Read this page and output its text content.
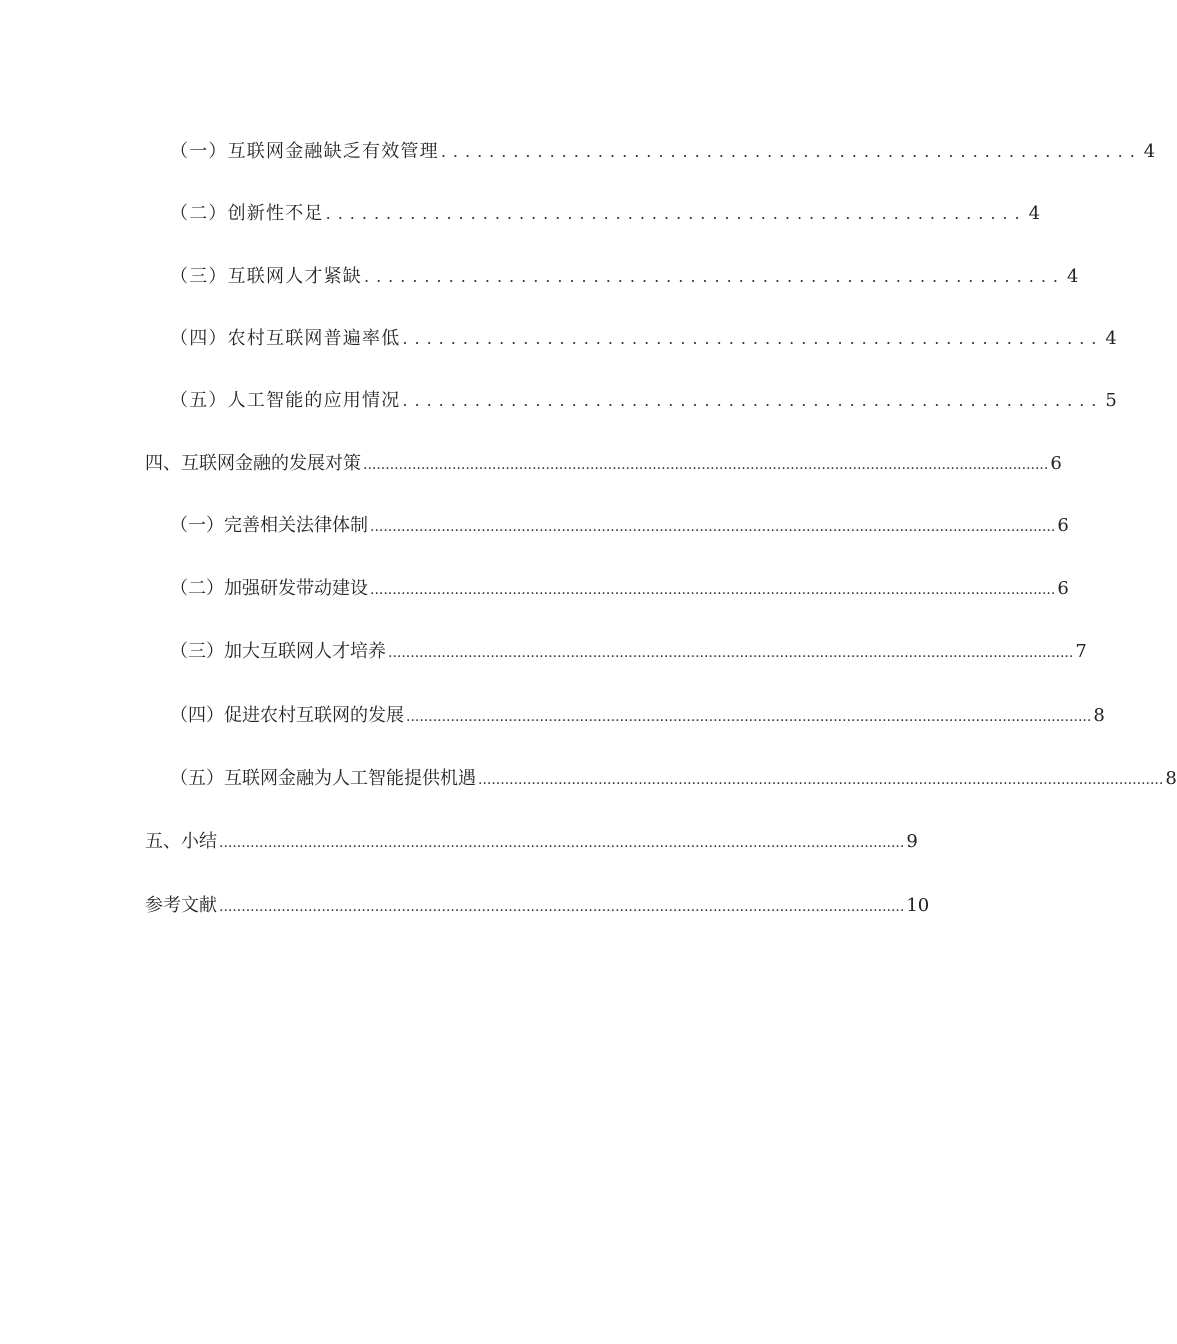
（一）互联网金融缺乏有效管理 .......................................................... 4
（二）创新性不足 .......................................................... 4
（三）互联网人才紧缺 .......................................................... 4
（四）农村互联网普遍率低 .......................................................... 4
（五）人工智能的应用情况 .......................................................... 5
四、互联网金融的发展对策 .......................................................................................................................................................... 6
（一）完善相关法律体制 .......................................................................................................................................................... 6
（二）加强研发带动建设 .......................................................................................................................................................... 6
（三）加大互联网人才培养 .......................................................................................................................................................... 7
（四）促进农村互联网的发展 .......................................................................................................................................................... 8
（五）互联网金融为人工智能提供机遇 .......................................................................................................................................................... 8
五、小结 .......................................................................................................................................................... 9
参考文献 .......................................................................................................................................................... 10
